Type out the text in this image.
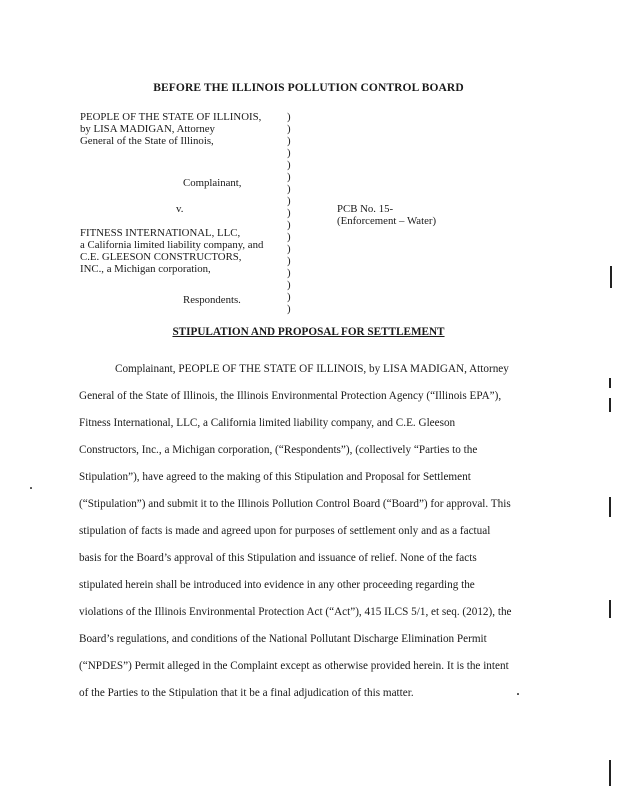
BEFORE THE ILLINOIS POLLUTION CONTROL BOARD
PEOPLE OF THE STATE OF ILLINOIS,
by LISA MADIGAN, Attorney
General of the State of Illinois,
Complainant,
v.
FITNESS INTERNATIONAL, LLC,
a California limited liability company, and
C.E. GLEESON CONSTRUCTORS,
INC., a Michigan corporation,
Respondents.
)
)
)
)
)
)
)
)
)
)
)
)
)
)
)
)
)
PCB No. 15-
(Enforcement – Water)
STIPULATION AND PROPOSAL FOR SETTLEMENT
Complainant, PEOPLE OF THE STATE OF ILLINOIS, by LISA MADIGAN, Attorney
General of the State of Illinois, the Illinois Environmental Protection Agency (“Illinois EPA”),
Fitness International, LLC, a California limited liability company, and C.E. Gleeson
Constructors, Inc., a Michigan corporation, (“Respondents”), (collectively “Parties to the
Stipulation”), have agreed to the making of this Stipulation and Proposal for Settlement
(“Stipulation”) and submit it to the Illinois Pollution Control Board (“Board”) for approval. This
stipulation of facts is made and agreed upon for purposes of settlement only and as a factual
basis for the Board’s approval of this Stipulation and issuance of relief. None of the facts
stipulated herein shall be introduced into evidence in any other proceeding regarding the
violations of the Illinois Environmental Protection Act (“Act”), 415 ILCS 5/1, et seq. (2012), the
Board’s regulations, and conditions of the National Pollutant Discharge Elimination Permit
(“NPDES”) Permit alleged in the Complaint except as otherwise provided herein. It is the intent
of the Parties to the Stipulation that it be a final adjudication of this matter.
